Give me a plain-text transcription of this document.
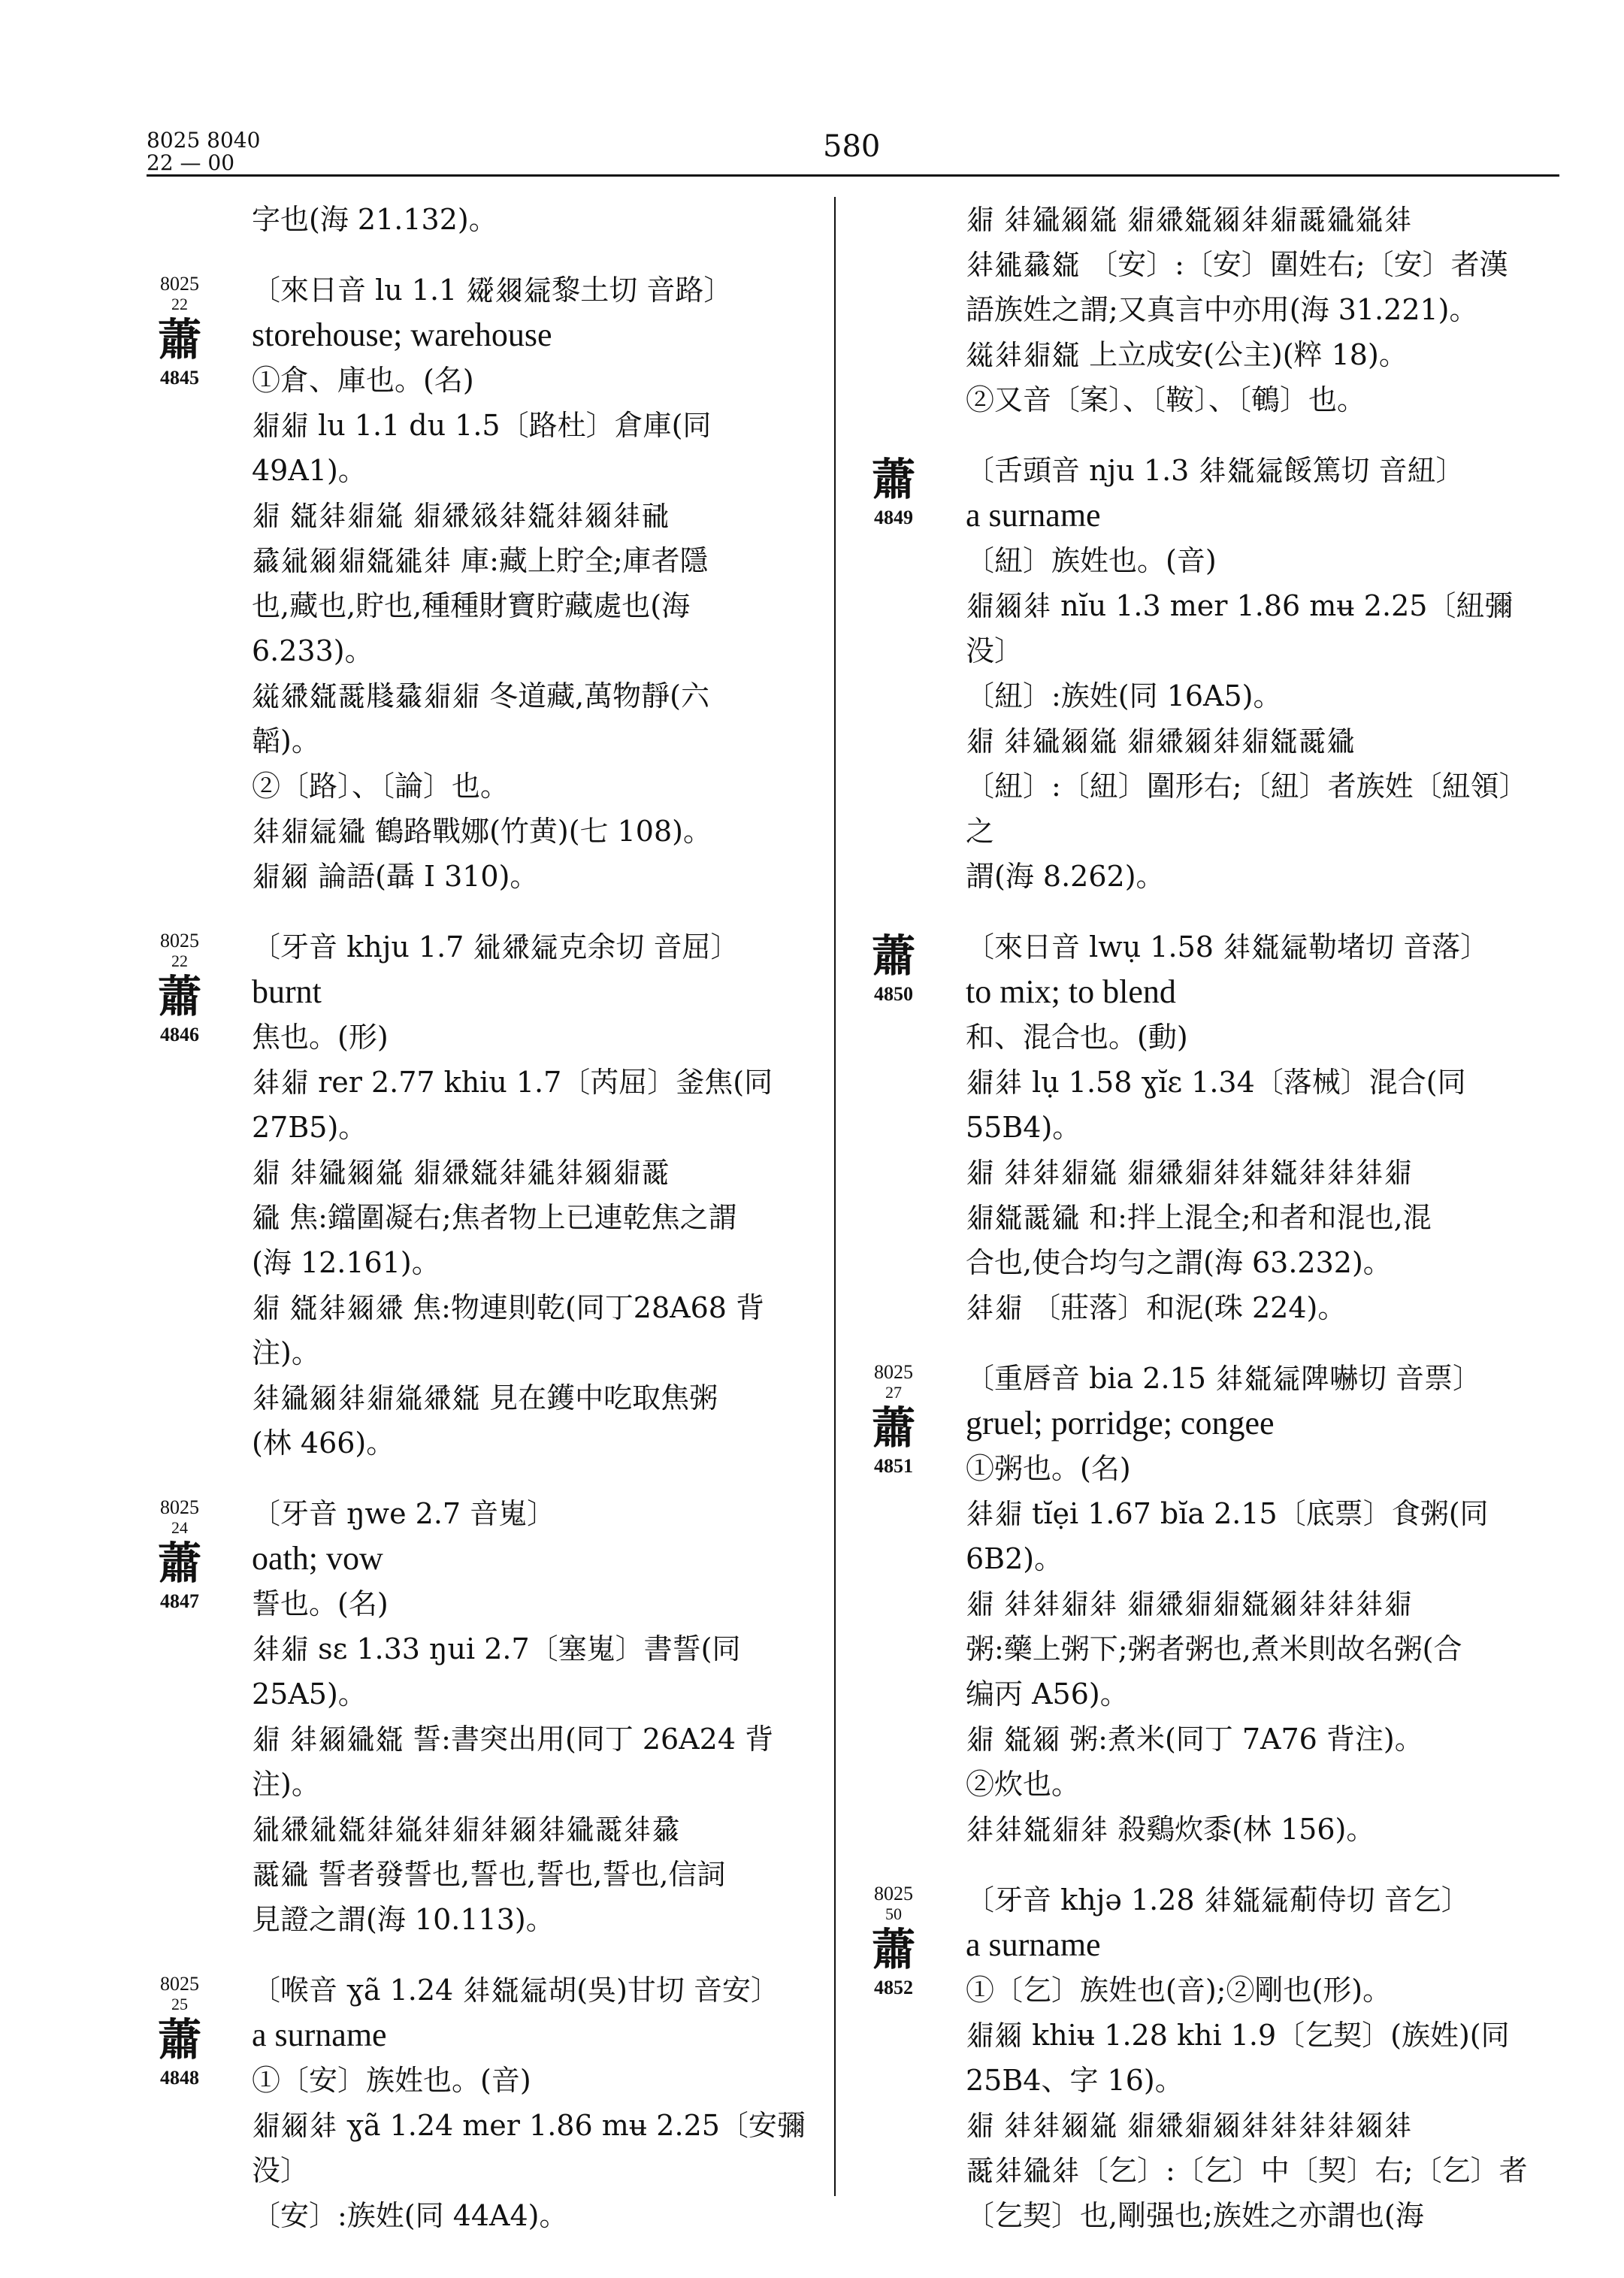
8025 8040
22 — 00	580
字也(海 21.132)。
8025
22
蕭
4845
〔來日音 lu 1.1 𗪮𗤓𗦇黎土切 音路〕
storehouse; warehouse
①倉、庫也。(名)
𗤋𗤋 lu 1.1 du 1.5〔路杜〕倉庫(同 49A1)。
𗤋 𗿀𗢳𗤋𗦷 𗤋𗧗𗤻𗢳𗿀𗢳𗥃𗢳𗸛
𗲠𗣼𗥃𗤋𗿀𗧓𗢳 庫:藏上貯全;庫者隱
也,藏也,貯也,種種財寶貯藏處也(海
6.233)。
𗧅𗧗𗿀𗵘𗹦𗲠𗤋𗤋 冬道藏,萬物靜(六
韜)。
②〔路〕、〔論〕也。
𗢳𗤋𗦇𗧏 鶴路戰娜(竹黄)(七 108)。
𗤋𗥃 論語(聶 I 310)。
8025
22
蕭
4846
〔牙音 khju 1.7 𗣼𗧗𗦇克余切 音屈〕
burnt
焦也。(形)
𗢳𗤋 rer 2.77 khiu 1.7〔芮屈〕釜焦(同27B5)。
𗤋 𗢳𗧏𗥃𗦷 𗤋𗧗𗿀𗢳𗧓𗢳𗥃𗤋𗵘
𗧏 焦:鐺圍凝右;焦者物上已連乾焦之謂
(海 12.161)。
𗤋 𗿀𗢳𗥃𗧗 焦:物連則乾(同丁28A68 背
注)。
𗢳𗧏𗥃𗢳𗤋𗦷𗧗𗿀 見在鑊中吃取焦粥
(林 466)。
8025
24
蕭
4847
〔牙音 ŋwe 2.7 音嵬〕
oath; vow
誓也。(名)
𗢳𗤋 sɛ 1.33 ŋui 2.7〔塞嵬〕書誓(同 25A5)。
𗤋 𗢳𗥃𗧏𗿀 誓:書突出用(同丁 26A24 背
注)。
𗣼𗧗𗣼𗿀𗢳𗦷𗢳𗤋𗢳𗥃𗢳𗧏𗵘𗢳𗲠
𗵘𗧏 誓者發誓也,誓也,誓也,誓也,信詞
見證之謂(海 10.113)。
8025
25
蕭
4848
〔喉音 ɣã 1.24 𗢳𗿀𗦇胡(吳)甘切 音安〕
a surname
①〔安〕族姓也。(音)
𗤋𗥃𗢳 ɣã 1.24 mer 1.86 mʉ 2.25〔安彌没〕
〔安〕:族姓(同 44A4)。
𗤋 𗢳𗧏𗥃𗦷 𗤋𗧗𗿀𗥃𗢳𗤋𗵘𗧏𗦷𗢳
𗢳𗧓𗲠𗿀 〔安〕:〔安〕圍姓右;〔安〕者漢
語族姓之謂;又真言中亦用(海 31.221)。
𗧅𗢳𗤋𗿀 上立成安(公主)(粹 18)。
②又音〔案〕、〔鞍〕、〔鵪〕也。
蕭
4849
〔舌頭音 nju 1.3 𗢳𗿀𗦇餒篤切 音紐〕
a surname
〔紐〕族姓也。(音)
𗤋𗥃𗢳 nĭu 1.3 mer 1.86 mʉ 2.25〔紐彌没〕
〔紐〕:族姓(同 16A5)。
𗤋 𗢳𗧏𗥃𗦷 𗤋𗧗𗥃𗢳𗤋𗿀𗵘𗧏
〔紐〕:〔紐〕圍形右;〔紐〕者族姓〔紐領〕之
謂(海 8.262)。
蕭
4850
〔來日音 lwụ 1.58 𗢳𗿀𗦇勒堵切 音落〕
to mix; to blend
和、混合也。(動)
𗤋𗢳 lụ 1.58 ɣĭɛ 1.34〔落械〕混合(同 55B4)。
𗤋 𗢳𗢳𗤋𗦷 𗤋𗧗𗤋𗢳𗢳𗿀𗢳𗢳𗢳𗤋
𗤋𗿀𗵘𗧏 和:拌上混全;和者和混也,混
合也,使合均勻之謂(海 63.232)。
𗢳𗤋 〔莊落〕和泥(珠 224)。
8025
27
蕭
4851
〔重唇音 bia 2.15 𗢳𗿀𗦇陴嚇切 音票〕
gruel; porridge; congee
①粥也。(名)
𗢳𗤋 tĭẹi 1.67 bĭa 2.15〔底票〕食粥(同 6B2)。
𗤋 𗢳𗢳𗤋𗢳 𗤋𗧗𗤋𗤋𗿀𗥃𗢳𗢳𗢳𗤋
粥:藥上粥下;粥者粥也,煮米則故名粥(合
编丙 A56)。
𗤋 𗿀𗥃 粥:煮米(同丁 7A76 背注)。
②炊也。
𗢳𗢳𗿀𗤋𗢳 殺鷄炊黍(林 156)。
8025
50
蕭
4852
〔牙音 khjə 1.28 𗢳𗿀𗦇葪侍切 音乞〕
a surname
①〔乞〕族姓也(音);②剛也(形)。
𗤋𗥃 khiʉ 1.28 khi 1.9〔乞契〕(族姓)(同
25B4、字 16)。
𗤋 𗢳𗢳𗥃𗦷 𗤋𗧗𗤋𗥃𗢳𗢳𗢳𗢳𗥃𗢳
𗵘𗢳𗧏𗢳〔乞〕:〔乞〕中〔契〕右;〔乞〕者
〔乞契〕也,剛强也;族姓之亦謂也(海
